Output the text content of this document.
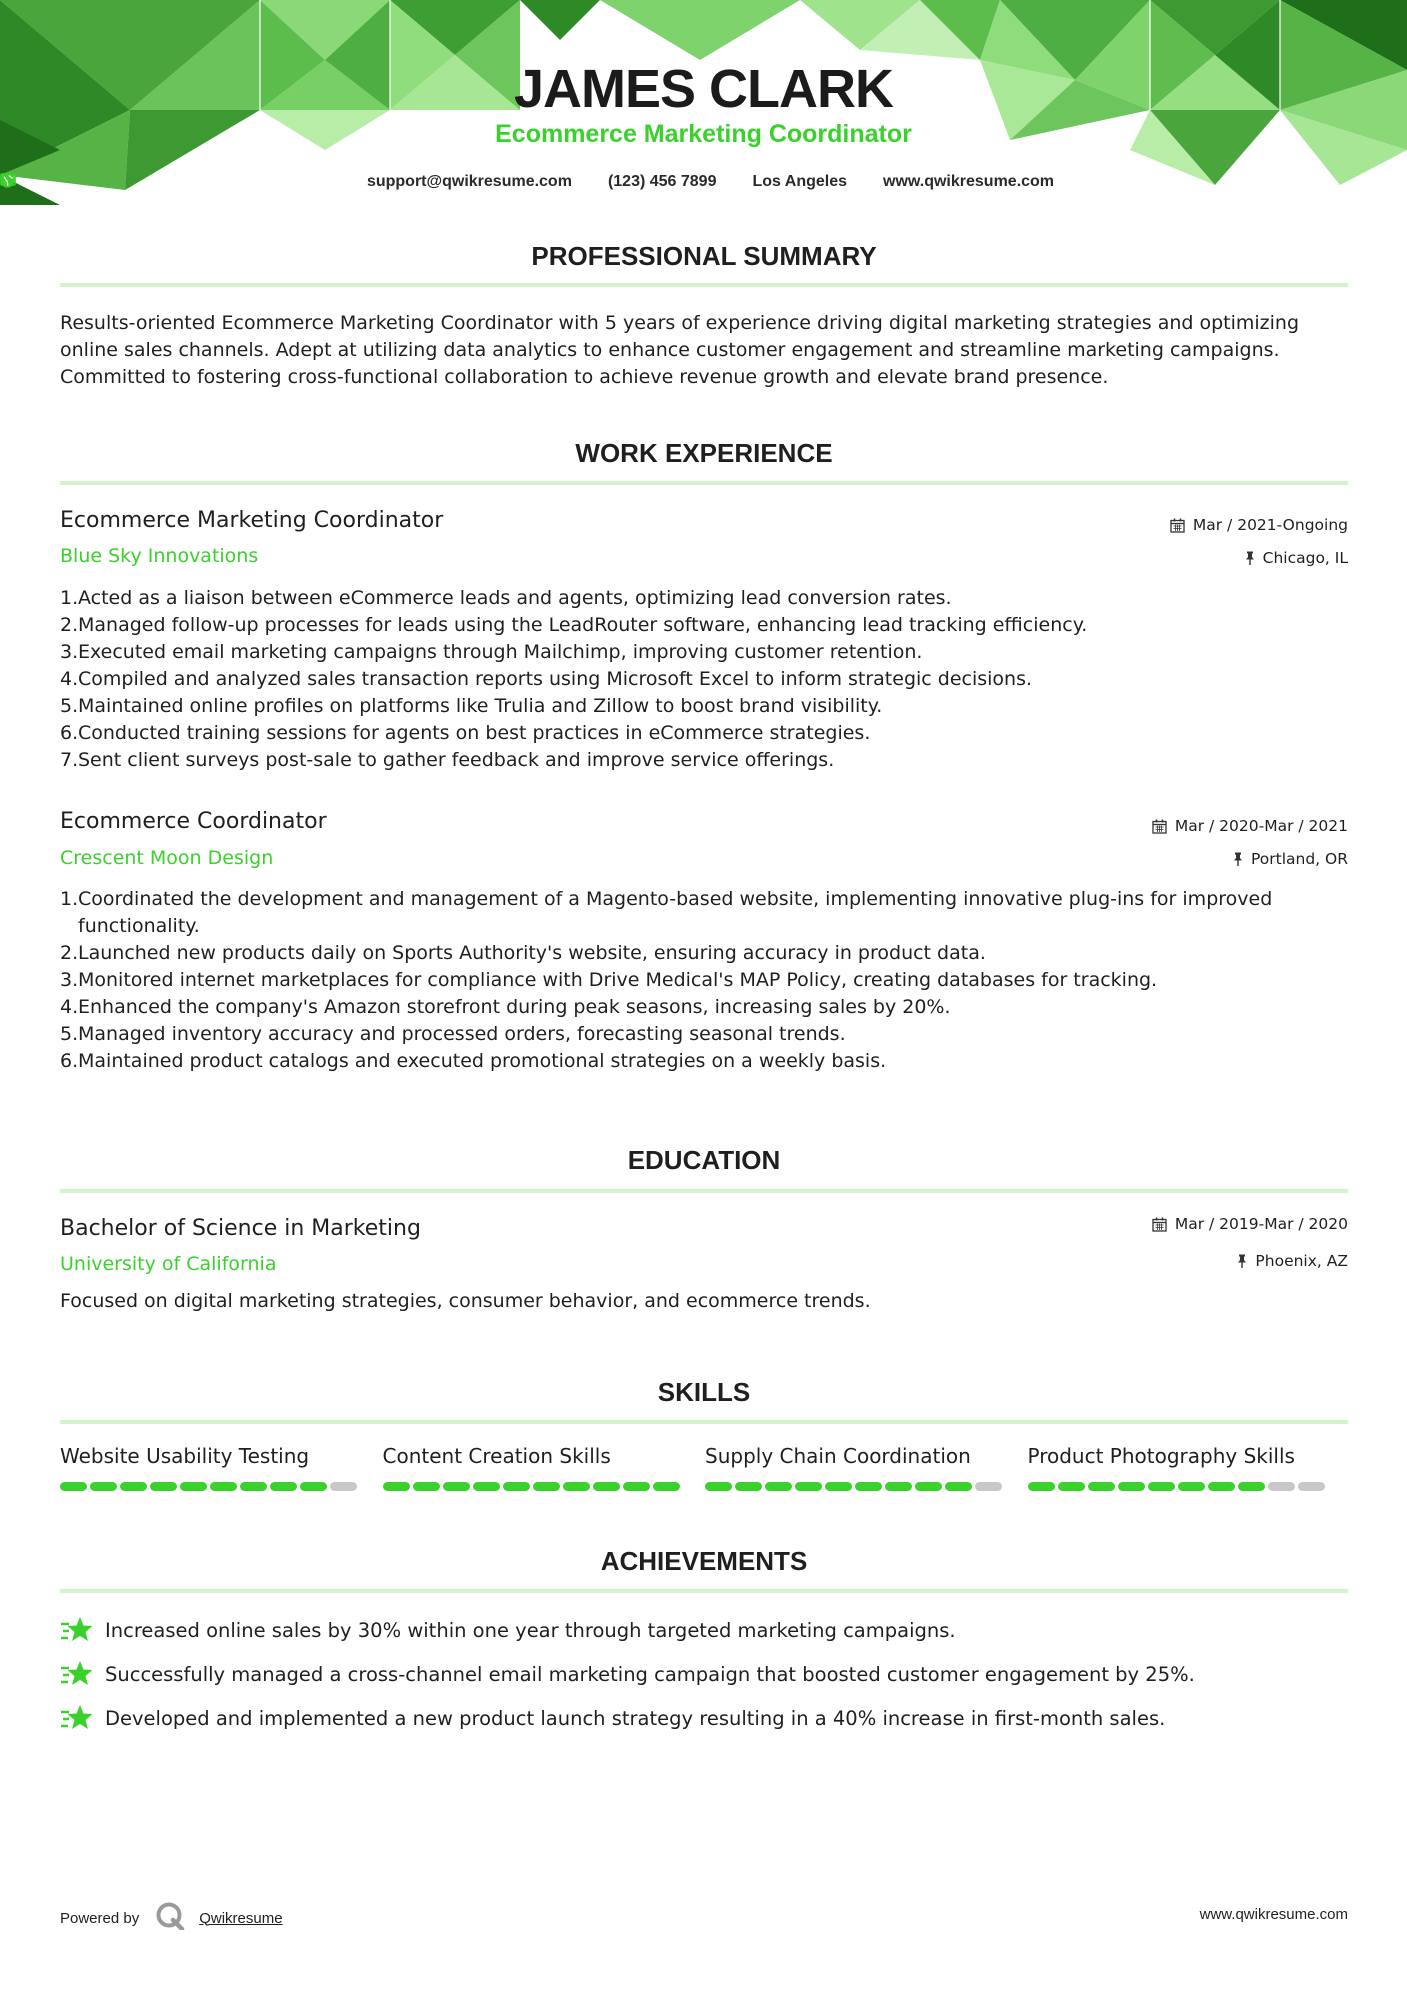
JAMES CLARK
Ecommerce Marketing Coordinator
support@qwikresume.com (123) 456 7899 Los Angeles www.qwikresume.com
PROFESSIONAL SUMMARY
Results-oriented Ecommerce Marketing Coordinator with 5 years of experience driving digital marketing strategies and optimizing online sales channels. Adept at utilizing data analytics to enhance customer engagement and streamline marketing campaigns. Committed to fostering cross-functional collaboration to achieve revenue growth and elevate brand presence.
WORK EXPERIENCE
Ecommerce Marketing Coordinator
Blue Sky Innovations
Mar / 2021-Ongoing
Chicago, IL
1. Acted as a liaison between eCommerce leads and agents, optimizing lead conversion rates.
2. Managed follow-up processes for leads using the LeadRouter software, enhancing lead tracking efficiency.
3. Executed email marketing campaigns through Mailchimp, improving customer retention.
4. Compiled and analyzed sales transaction reports using Microsoft Excel to inform strategic decisions.
5. Maintained online profiles on platforms like Trulia and Zillow to boost brand visibility.
6. Conducted training sessions for agents on best practices in eCommerce strategies.
7. Sent client surveys post-sale to gather feedback and improve service offerings.
Ecommerce Coordinator
Crescent Moon Design
Mar / 2020-Mar / 2021
Portland, OR
1. Coordinated the development and management of a Magento-based website, implementing innovative plug-ins for improved functionality.
2. Launched new products daily on Sports Authority's website, ensuring accuracy in product data.
3. Monitored internet marketplaces for compliance with Drive Medical's MAP Policy, creating databases for tracking.
4. Enhanced the company's Amazon storefront during peak seasons, increasing sales by 20%.
5. Managed inventory accuracy and processed orders, forecasting seasonal trends.
6. Maintained product catalogs and executed promotional strategies on a weekly basis.
EDUCATION
Bachelor of Science in Marketing
University of California
Mar / 2019-Mar / 2020
Phoenix, AZ
Focused on digital marketing strategies, consumer behavior, and ecommerce trends.
SKILLS
Website Usability Testing	Content Creation Skills	Supply Chain Coordination	Product Photography Skills
ACHIEVEMENTS
Increased online sales by 30% within one year through targeted marketing campaigns.
Successfully managed a cross-channel email marketing campaign that boosted customer engagement by 25%.
Developed and implemented a new product launch strategy resulting in a 40% increase in first-month sales.
Powered by	Qwikresume	www.qwikresume.com
